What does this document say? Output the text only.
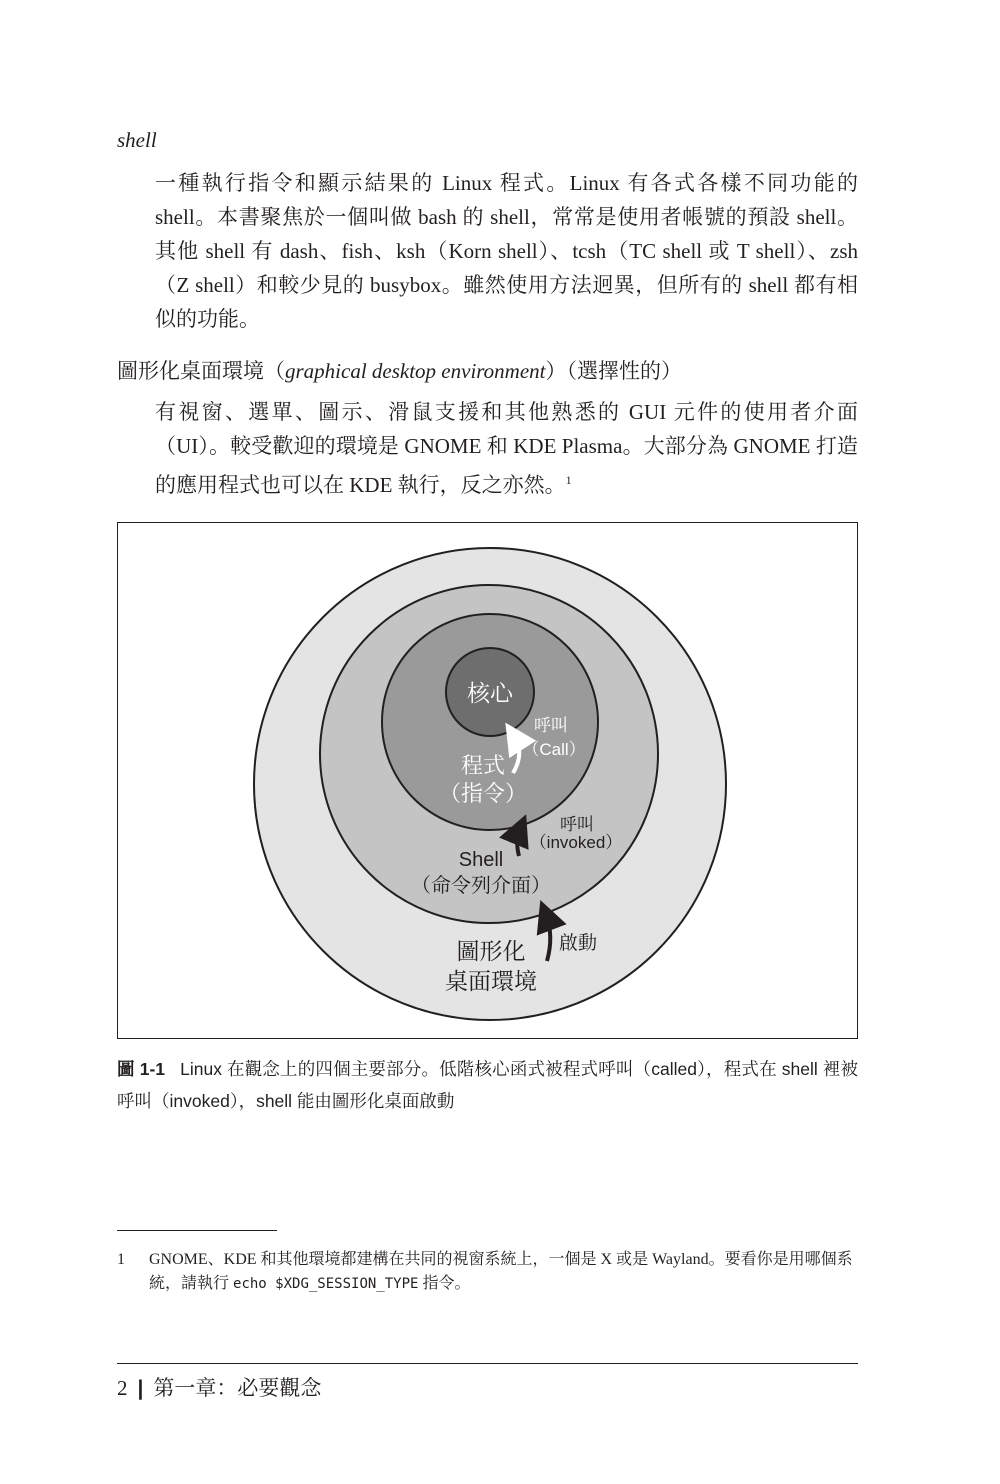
shell
一種執行指令和顯示結果的 Linux 程式。Linux 有各式各樣不同功能的 shell。本書聚焦於一個叫做 bash 的 shell，常常是使用者帳號的預設 shell。其他 shell 有 dash、fish、ksh（Korn shell）、tcsh（TC shell 或 T shell）、zsh（Z shell）和較少見的 busybox。雖然使用方法迥異，但所有的 shell 都有相似的功能。
圖形化桌面環境（graphical desktop environment）（選擇性的）
有視窗、選單、圖示、滑鼠支援和其他熟悉的 GUI 元件的使用者介面（UI）。較受歡迎的環境是 GNOME 和 KDE Plasma。大部分為 GNOME 打造的應用程式也可以在 KDE 執行，反之亦然。$^1$
核心
呼叫
（Call）
程式
（指令）
呼叫
（invoked）
Shell
（命令列介面）
啟動
圖形化
桌面環境
圖 1-1 Linux 在觀念上的四個主要部分。低階核心函式被程式呼叫（called），程式在 shell 裡被呼叫（invoked），shell 能由圖形化桌面啟動
1 GNOME、KDE 和其他環境都建構在共同的視窗系統上，一個是 X 或是 Wayland。要看你是用哪個系統，請執行 echo $XDG_SESSION_TYPE 指令。
2 | 第一章：必要觀念
